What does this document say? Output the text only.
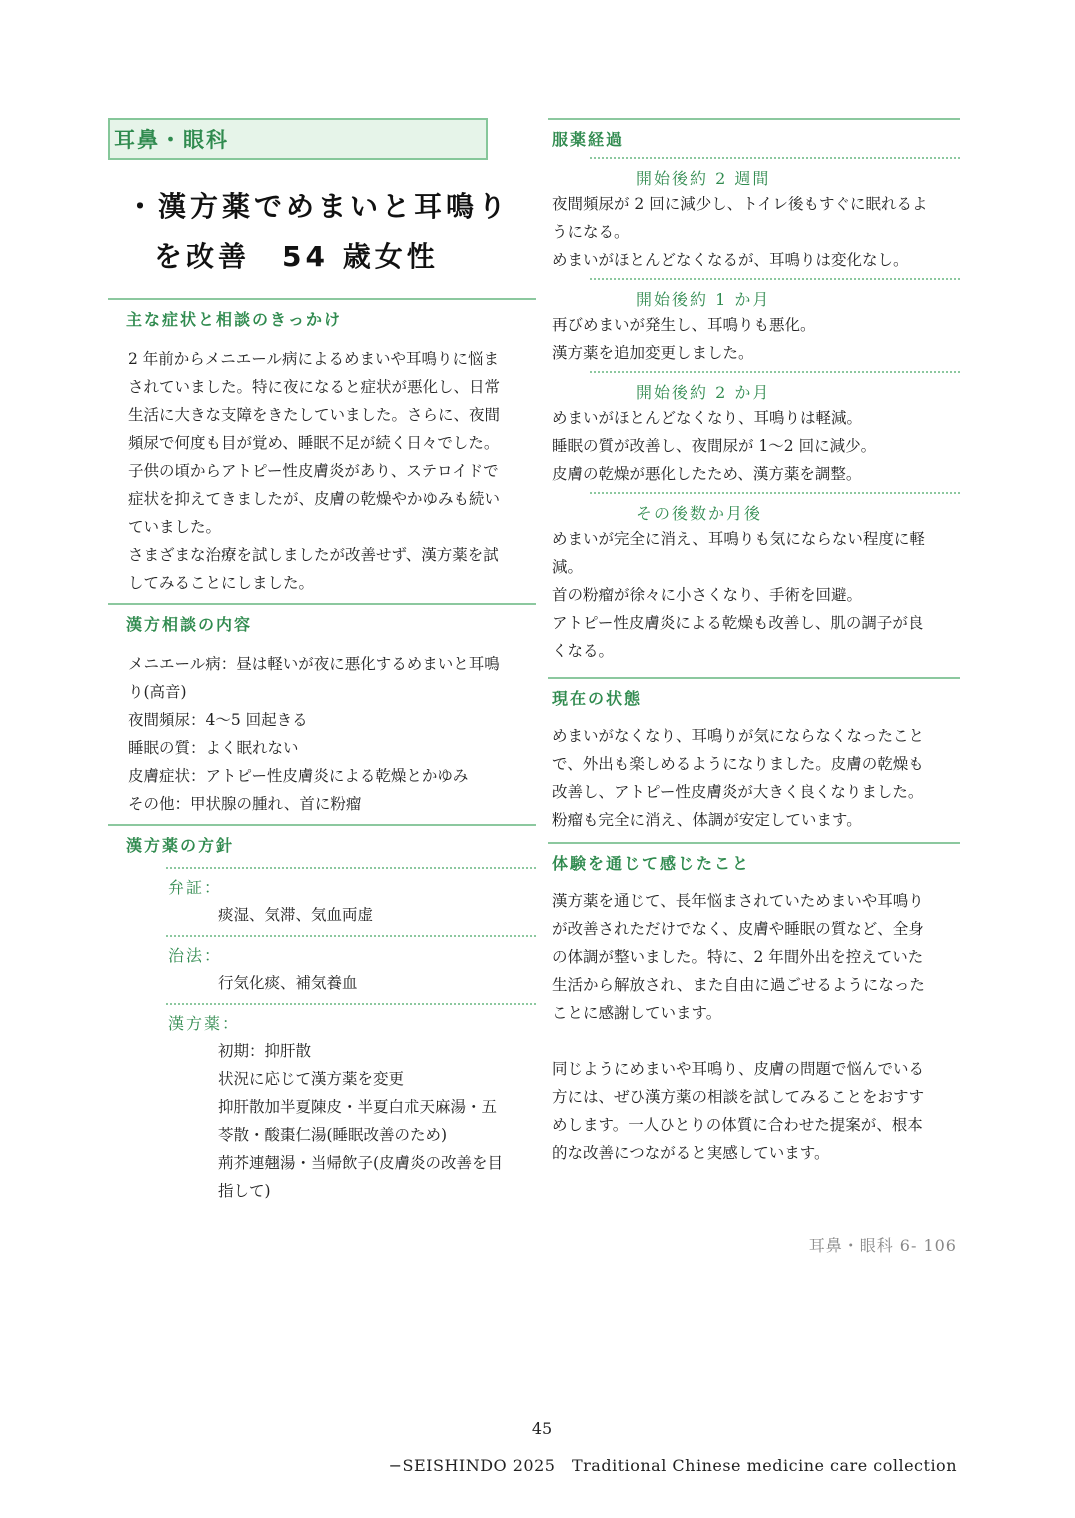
耳鼻・眼科
・漢方薬でめまいと耳鳴り
を改善　54 歳女性
主な症状と相談のきっかけ

2 年前からメニエール病によるめまいや耳鳴りに悩ま

されていました。特に夜になると症状が悪化し、日常

生活に大きな支障をきたしていました。さらに、夜間

頻尿で何度も目が覚め、睡眠不足が続く日々でした。

子供の頃からアトピー性皮膚炎があり、ステロイドで

症状を抑えてきましたが、皮膚の乾燥やかゆみも続い

ていました。

さまざまな治療を試しましたが改善せず、漢方薬を試

してみることにしました。

漢方相談の内容

メニエール病：昼は軽いが夜に悪化するめまいと耳鳴

り(高音)

夜間頻尿：4〜5 回起きる

睡眠の質：よく眠れない

皮膚症状：アトピー性皮膚炎による乾燥とかゆみ

その他：甲状腺の腫れ、首に粉瘤

漢方薬の方針
弁証：

痰湿、気滞、気血両虚

治法：

行気化痰、補気養血

漢方薬：

初期：抑肝散

状況に応じて漢方薬を変更

抑肝散加半夏陳皮・半夏白朮天麻湯・五

苓散・酸棗仁湯(睡眠改善のため)

荊芥連翹湯・当帰飲子(皮膚炎の改善を目

指して)

服薬経過
開始後約 2 週間

夜間頻尿が 2 回に減少し、トイレ後もすぐに眠れるよ

うになる。

めまいがほとんどなくなるが、耳鳴りは変化なし。

開始後約 1 か月

再びめまいが発生し、耳鳴りも悪化。

漢方薬を追加変更しました。

開始後約 2 か月

めまいがほとんどなくなり、耳鳴りは軽減。

睡眠の質が改善し、夜間尿が 1〜2 回に減少。

皮膚の乾燥が悪化したため、漢方薬を調整。

その後数か月後

めまいが完全に消え、耳鳴りも気にならない程度に軽

減。

首の粉瘤が徐々に小さくなり、手術を回避。

アトピー性皮膚炎による乾燥も改善し、肌の調子が良

くなる。

現在の状態

めまいがなくなり、耳鳴りが気にならなくなったこと

で、外出も楽しめるようになりました。皮膚の乾燥も

改善し、アトピー性皮膚炎が大きく良くなりました。

粉瘤も完全に消え、体調が安定しています。

体験を通じて感じたこと

漢方薬を通じて、長年悩まされていためまいや耳鳴り

が改善されただけでなく、皮膚や睡眠の質など、全身

の体調が整いました。特に、2 年間外出を控えていた

生活から解放され、また自由に過ごせるようになった

ことに感謝しています。

同じようにめまいや耳鳴り、皮膚の問題で悩んでいる

方には、ぜひ漢方薬の相談を試してみることをおすす

めします。一人ひとりの体質に合わせた提案が、根本

的な改善につながると実感しています。

耳鼻・眼科 6- 106
45
−SEISHINDO 2025　Traditional Chinese medicine care collection
